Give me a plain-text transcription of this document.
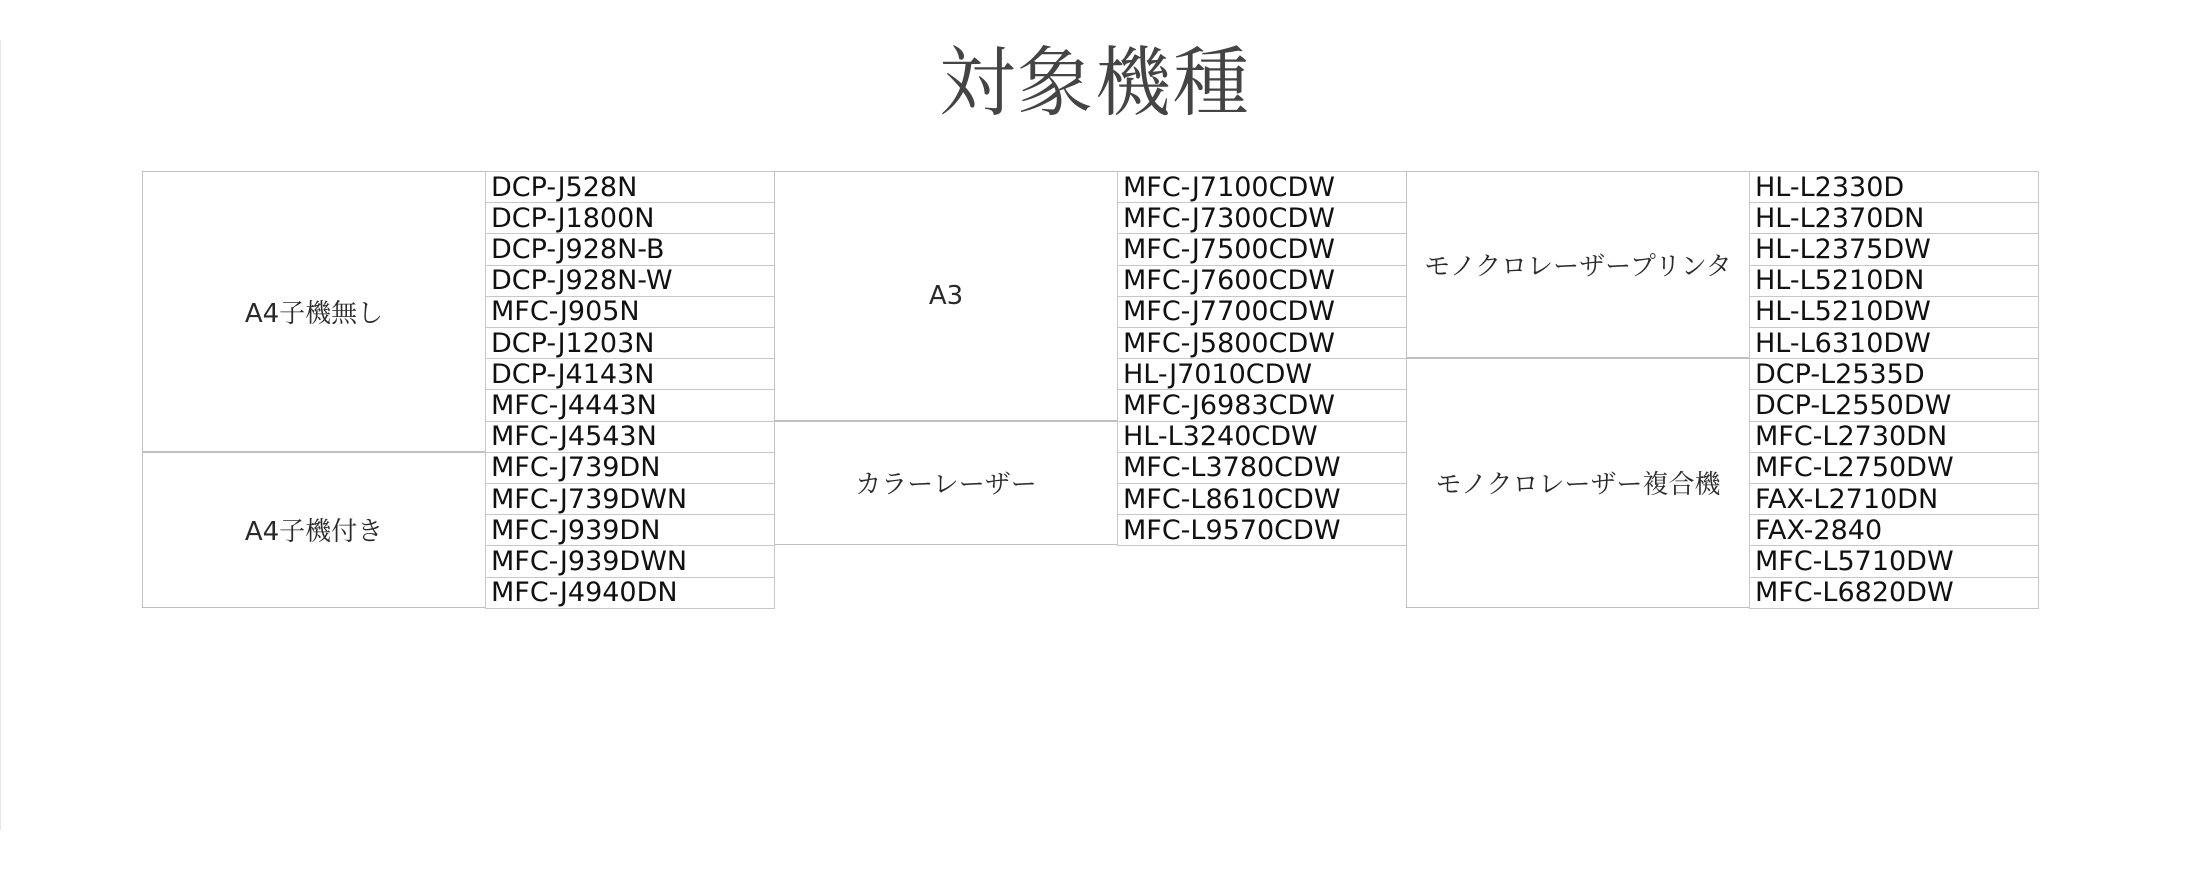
対象機種
A4子機無し
DCP-J528N
DCP-J1800N
DCP-J928N-B
DCP-J928N-W
MFC-J905N
DCP-J1203N
DCP-J4143N
MFC-J4443N
MFC-J4543N
A4子機付き
MFC-J739DN
MFC-J739DWN
MFC-J939DN
MFC-J939DWN
MFC-J4940DN
A3
MFC-J7100CDW
MFC-J7300CDW
MFC-J7500CDW
MFC-J7600CDW
MFC-J7700CDW
MFC-J5800CDW
HL-J7010CDW
MFC-J6983CDW
カラーレーザー
HL-L3240CDW
MFC-L3780CDW
MFC-L8610CDW
MFC-L9570CDW
モノクロレーザープリンタ
HL-L2330D
HL-L2370DN
HL-L2375DW
HL-L5210DN
HL-L5210DW
HL-L6310DW
モノクロレーザー複合機
DCP-L2535D
DCP-L2550DW
MFC-L2730DN
MFC-L2750DW
FAX-L2710DN
FAX-2840
MFC-L5710DW
MFC-L6820DW
